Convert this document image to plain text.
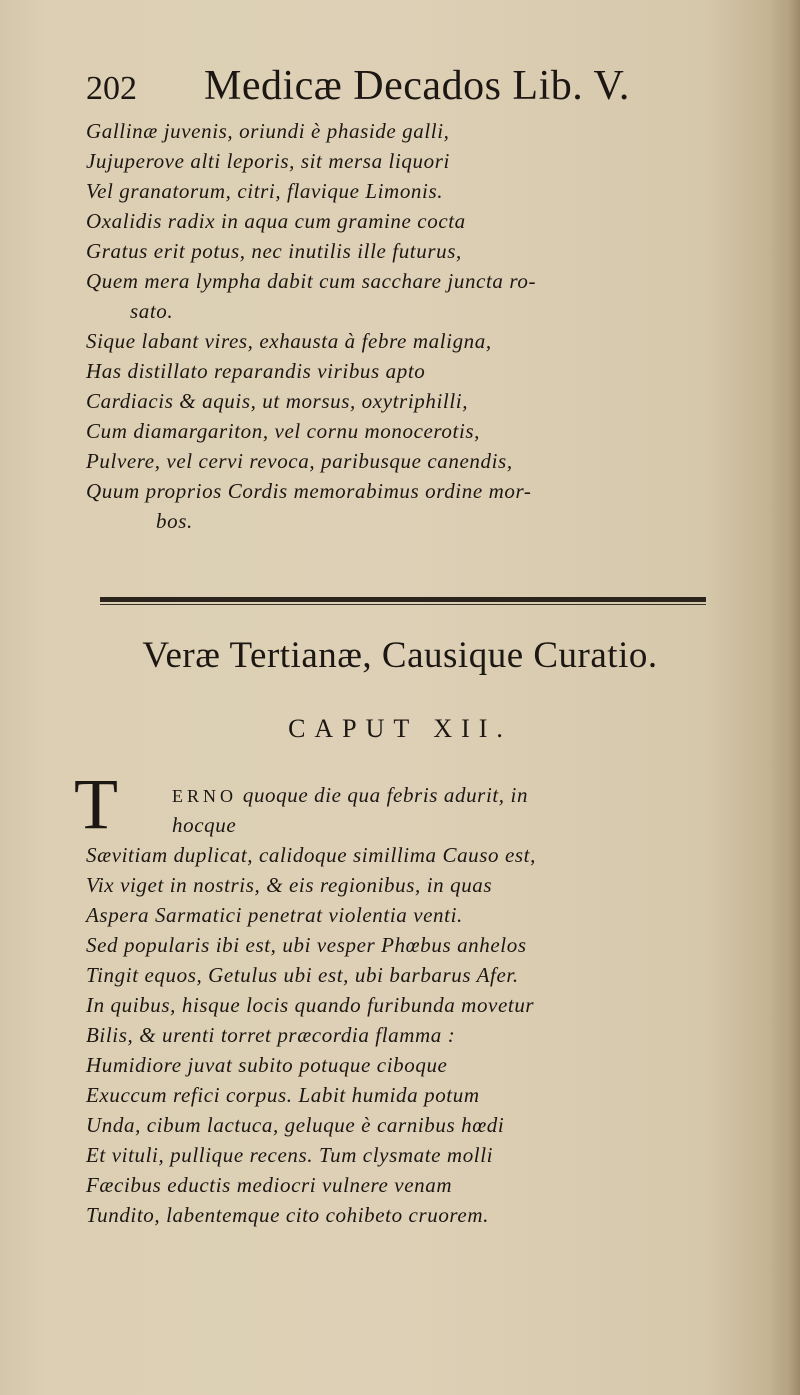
202 Medicæ Decados Lib. V.
Gallinæ juvenis, oriundi è phaside galli,
Jujuperove alti leporis, sit mersa liquori
Vel granatorum, citri, flavique Limonis.
Oxalidis radix in aqua cum gramine cocta
Gratus erit potus, nec inutilis ille futurus,
Quem mera lympha dabit cum sacchare juncta ro-
sato.
Sique labant vires, exhausta à febre maligna,
Has distillato reparandis viribus apto
Cardiacis & aquis, ut morsus, oxytriphilli,
Cum diamargariton, vel cornu monocerotis,
Pulvere, vel cervi revoca, paribusque canendis,
Quum proprios Cordis memorabimus ordine mor-
bos.
Veræ Tertianæ, Causique Curatio.
CAPUT XII.
T	ERNO quoque die qua febris adurit, in
hocque
Sævitiam duplicat, calidoque simillima Causo est,
Vix viget in nostris, & eis regionibus, in quas
Aspera Sarmatici penetrat violentia venti.
Sed popularis ibi est, ubi vesper Phœbus anhelos
Tingit equos, Getulus ubi est, ubi barbarus Afer.
In quibus, hisque locis quando furibunda movetur
Bilis, & urenti torret præcordia flamma :
Humidiore juvat subito potuque ciboque
Exuccum refici corpus. Labit humida potum
Unda, cibum lactuca, geluque è carnibus hœdi
Et vituli, pullique recens. Tum clysmate molli
Fæcibus eductis mediocri vulnere venam
Tundito, labentemque cito cohibeto cruorem.
